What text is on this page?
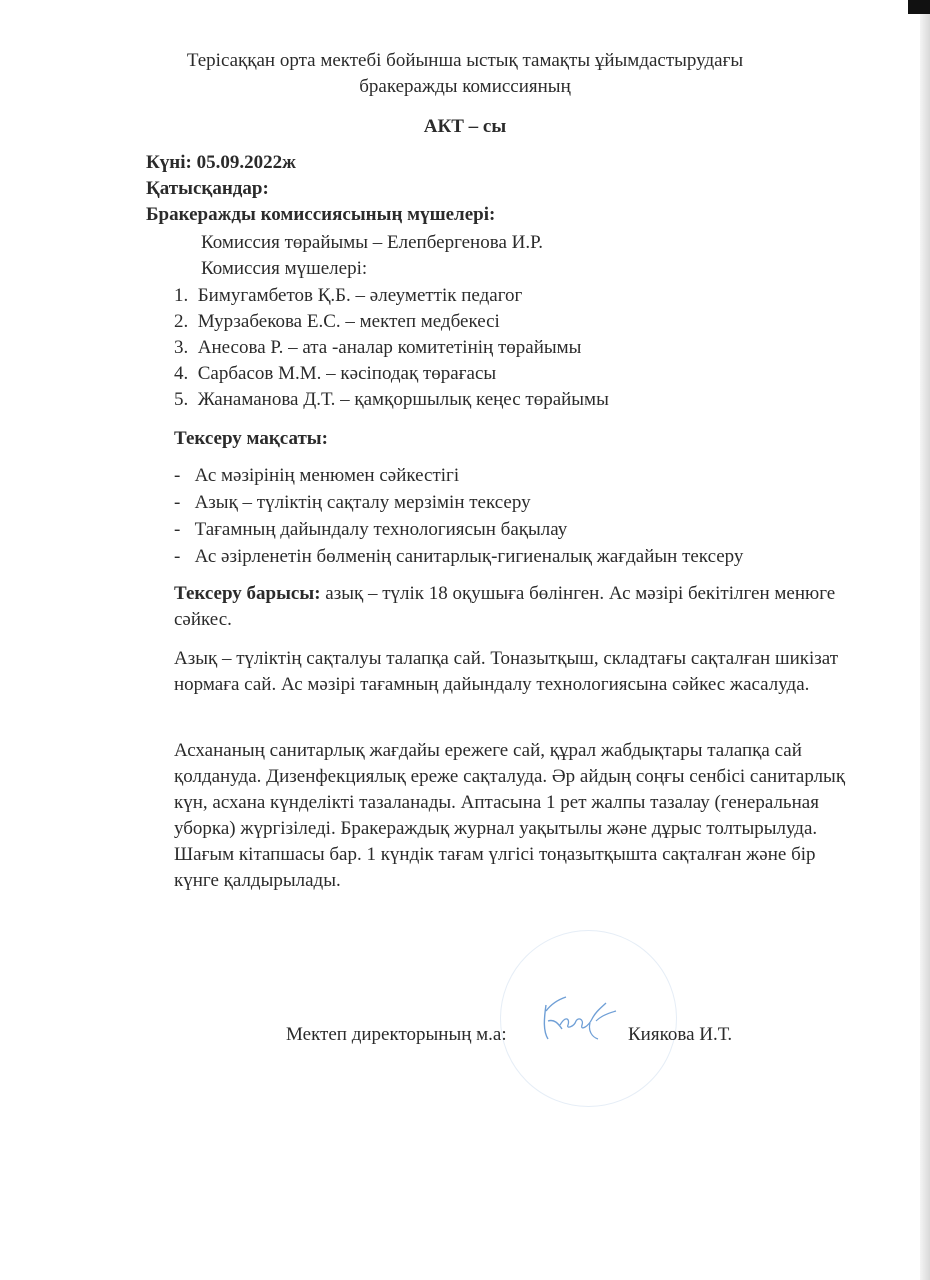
Терісаққан орта мектебі бойынша ыстық тамақты ұйымдастырудағы

бракеражды комиссияның

АКТ – сы

Күні: 05.09.2022ж

Қатысқандар:

Бракеражды комиссиясының мүшелері:

Комиссия төрайымы – Елепбергенова И.Р.

Комиссия мүшелері:

1.  Бимугамбетов Қ.Б. – әлеуметтік педагог

2.  Мурзабекова Е.С. – мектеп медбекесі

3.  Анесова Р. – ата -аналар комитетінің төрайымы

4.  Сарбасов М.М. – кәсіподақ төрағасы

5.  Жанаманова Д.Т. – қамқоршылық кеңес төрайымы

Тексеру мақсаты:

-   Ас мәзірінің менюмен сәйкестігі

-   Азық – түліктің сақталу мерзімін тексеру

-   Тағамның дайындалу технологиясын бақылау

-   Ас әзірленетін бөлменің санитарлық-гигиеналық жағдайын тексеру

Тексеру барысы: азық – түлік 18 оқушыға бөлінген. Ас мәзірі бекітілген менюге сәйкес.

Азық – түліктің сақталуы талапқа сай. Тоназытқыш, складтағы сақталған шикізат нормаға сай. Ас мәзірі тағамның дайындалу технологиясына сәйкес жасалуда.

Асхананың санитарлық жағдайы ережеге сай, құрал жабдықтары талапқа сай қолдануда. Дизенфекциялық ереже сақталуда. Әр айдың соңғы сенбісі санитарлық күн, асхана күнделікті тазаланады. Аптасына 1 рет жалпы тазалау (генеральная уборка) жүргізіледі. Бракераждық журнал уақытылы және дұрыс толтырылуда. Шағым кітапшасы бар. 1 күндік тағам үлгісі тоңазытқышта сақталған және бір күнге қалдырылады.

Мектеп директорының м.а:	Киякова И.Т.
